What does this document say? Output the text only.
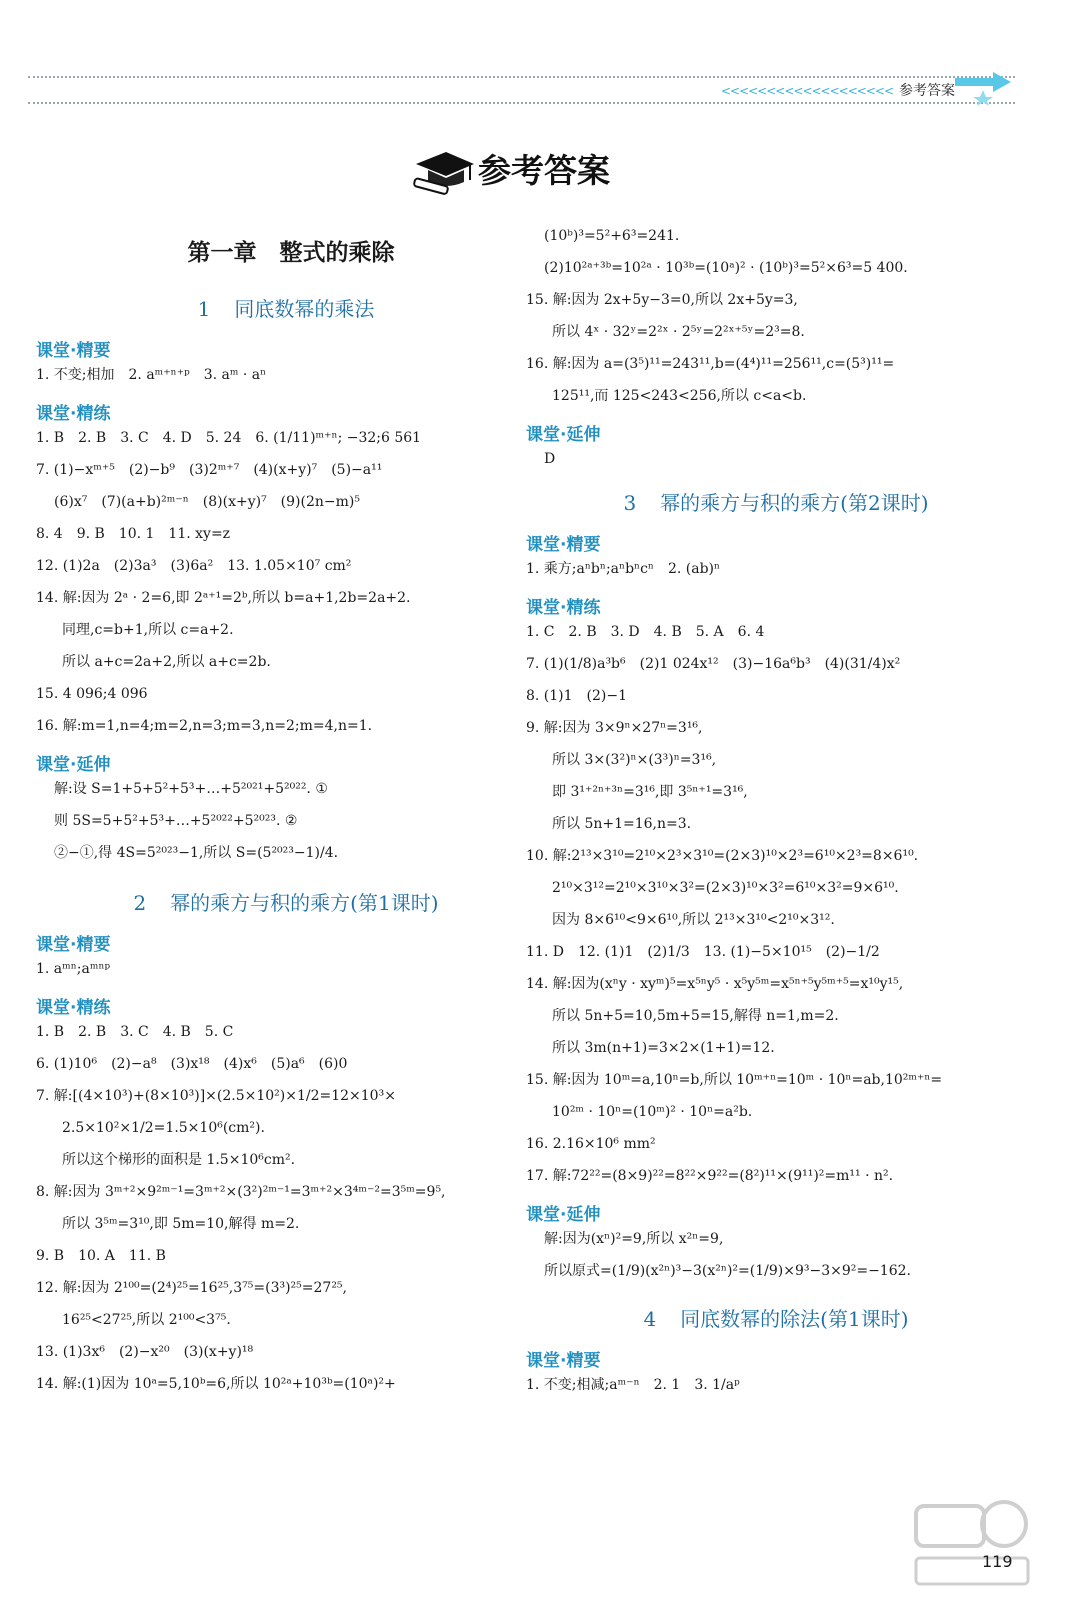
<<<<<<<<<<<<<<<<<<< 参考答案
参考答案
第一章　整式的乘除
1 同底数幂的乘法
课堂·精要
1. 不变;相加　2. aᵐ⁺ⁿ⁺ᵖ　3. aᵐ · aⁿ
课堂·精练
1. B　2. B　3. C　4. D　5. 24　6. (1/11)ᵐ⁺ⁿ; −32;6 561
7. (1)−xᵐ⁺⁵　(2)−b⁹　(3)2ᵐ⁺⁷　(4)(x+y)⁷　(5)−a¹¹
(6)x⁷　(7)(a+b)²ᵐ⁻ⁿ　(8)(x+y)⁷　(9)(2n−m)⁵
8. 4　9. B　10. 1　11. xy=z
12. (1)2a　(2)3a³　(3)6a²　13. 1.05×10⁷ cm²
14. 解:因为 2ᵃ · 2=6,即 2ᵃ⁺¹=2ᵇ,所以 b=a+1,2b=2a+2.
同理,c=b+1,所以 c=a+2.
所以 a+c=2a+2,所以 a+c=2b.
15. 4 096;4 096
16. 解:m=1,n=4;m=2,n=3;m=3,n=2;m=4,n=1.
课堂·延伸
解:设 S=1+5+5²+5³+…+5²⁰²¹+5²⁰²². ①
则 5S=5+5²+5³+…+5²⁰²²+5²⁰²³. ②
②−①,得 4S=5²⁰²³−1,所以 S=(5²⁰²³−1)/4.
2 幂的乘方与积的乘方(第1课时)
课堂·精要
1. aᵐⁿ;aᵐⁿᵖ
课堂·精练
1. B　2. B　3. C　4. B　5. C
6. (1)10⁶　(2)−a⁸　(3)x¹⁸　(4)x⁶　(5)a⁶　(6)0
7. 解:[(4×10³)+(8×10³)]×(2.5×10²)×1/2=12×10³×
2.5×10²×1/2=1.5×10⁶(cm²).
所以这个梯形的面积是 1.5×10⁶cm².
8. 解:因为 3ᵐ⁺²×9²ᵐ⁻¹=3ᵐ⁺²×(3²)²ᵐ⁻¹=3ᵐ⁺²×3⁴ᵐ⁻²=3⁵ᵐ=9⁵,
所以 3⁵ᵐ=3¹⁰,即 5m=10,解得 m=2.
9. B　10. A　11. B
12. 解:因为 2¹⁰⁰=(2⁴)²⁵=16²⁵,3⁷⁵=(3³)²⁵=27²⁵,
16²⁵<27²⁵,所以 2¹⁰⁰<3⁷⁵.
13. (1)3x⁶　(2)−x²⁰　(3)(x+y)¹⁸
14. 解:(1)因为 10ᵃ=5,10ᵇ=6,所以 10²ᵃ+10³ᵇ=(10ᵃ)²+
(10ᵇ)³=5²+6³=241.
(2)10²ᵃ⁺³ᵇ=10²ᵃ · 10³ᵇ=(10ᵃ)² · (10ᵇ)³=5²×6³=5 400.
15. 解:因为 2x+5y−3=0,所以 2x+5y=3,
所以 4ˣ · 32ʸ=2²ˣ · 2⁵ʸ=2²ˣ⁺⁵ʸ=2³=8.
16. 解:因为 a=(3⁵)¹¹=243¹¹,b=(4⁴)¹¹=256¹¹,c=(5³)¹¹=
125¹¹,而 125<243<256,所以 c<a<b.
课堂·延伸
D
3 幂的乘方与积的乘方(第2课时)
课堂·精要
1. 乘方;aⁿbⁿ;aⁿbⁿcⁿ　2. (ab)ⁿ
课堂·精练
1. C　2. B　3. D　4. B　5. A　6. 4
7. (1)(1/8)a³b⁶　(2)1 024x¹²　(3)−16a⁶b³　(4)(31/4)x²
8. (1)1　(2)−1
9. 解:因为 3×9ⁿ×27ⁿ=3¹⁶,
所以 3×(3²)ⁿ×(3³)ⁿ=3¹⁶,
即 3¹⁺²ⁿ⁺³ⁿ=3¹⁶,即 3⁵ⁿ⁺¹=3¹⁶,
所以 5n+1=16,n=3.
10. 解:2¹³×3¹⁰=2¹⁰×2³×3¹⁰=(2×3)¹⁰×2³=6¹⁰×2³=8×6¹⁰.
2¹⁰×3¹²=2¹⁰×3¹⁰×3²=(2×3)¹⁰×3²=6¹⁰×3²=9×6¹⁰.
因为 8×6¹⁰<9×6¹⁰,所以 2¹³×3¹⁰<2¹⁰×3¹².
11. D　12. (1)1　(2)1/3　13. (1)−5×10¹⁵　(2)−1/2
14. 解:因为(xⁿy · xyᵐ)⁵=x⁵ⁿy⁵ · x⁵y⁵ᵐ=x⁵ⁿ⁺⁵y⁵ᵐ⁺⁵=x¹⁰y¹⁵,
所以 5n+5=10,5m+5=15,解得 n=1,m=2.
所以 3m(n+1)=3×2×(1+1)=12.
15. 解:因为 10ᵐ=a,10ⁿ=b,所以 10ᵐ⁺ⁿ=10ᵐ · 10ⁿ=ab,10²ᵐ⁺ⁿ=
10²ᵐ · 10ⁿ=(10ᵐ)² · 10ⁿ=a²b.
16. 2.16×10⁶ mm²
17. 解:72²²=(8×9)²²=8²²×9²²=(8²)¹¹×(9¹¹)²=m¹¹ · n².
课堂·延伸
解:因为(xⁿ)²=9,所以 x²ⁿ=9,
所以原式=(1/9)(x²ⁿ)³−3(x²ⁿ)²=(1/9)×9³−3×9²=−162.
4 同底数幂的除法(第1课时)
课堂·精要
1. 不变;相减;aᵐ⁻ⁿ　2. 1　3. 1/aᵖ
119
